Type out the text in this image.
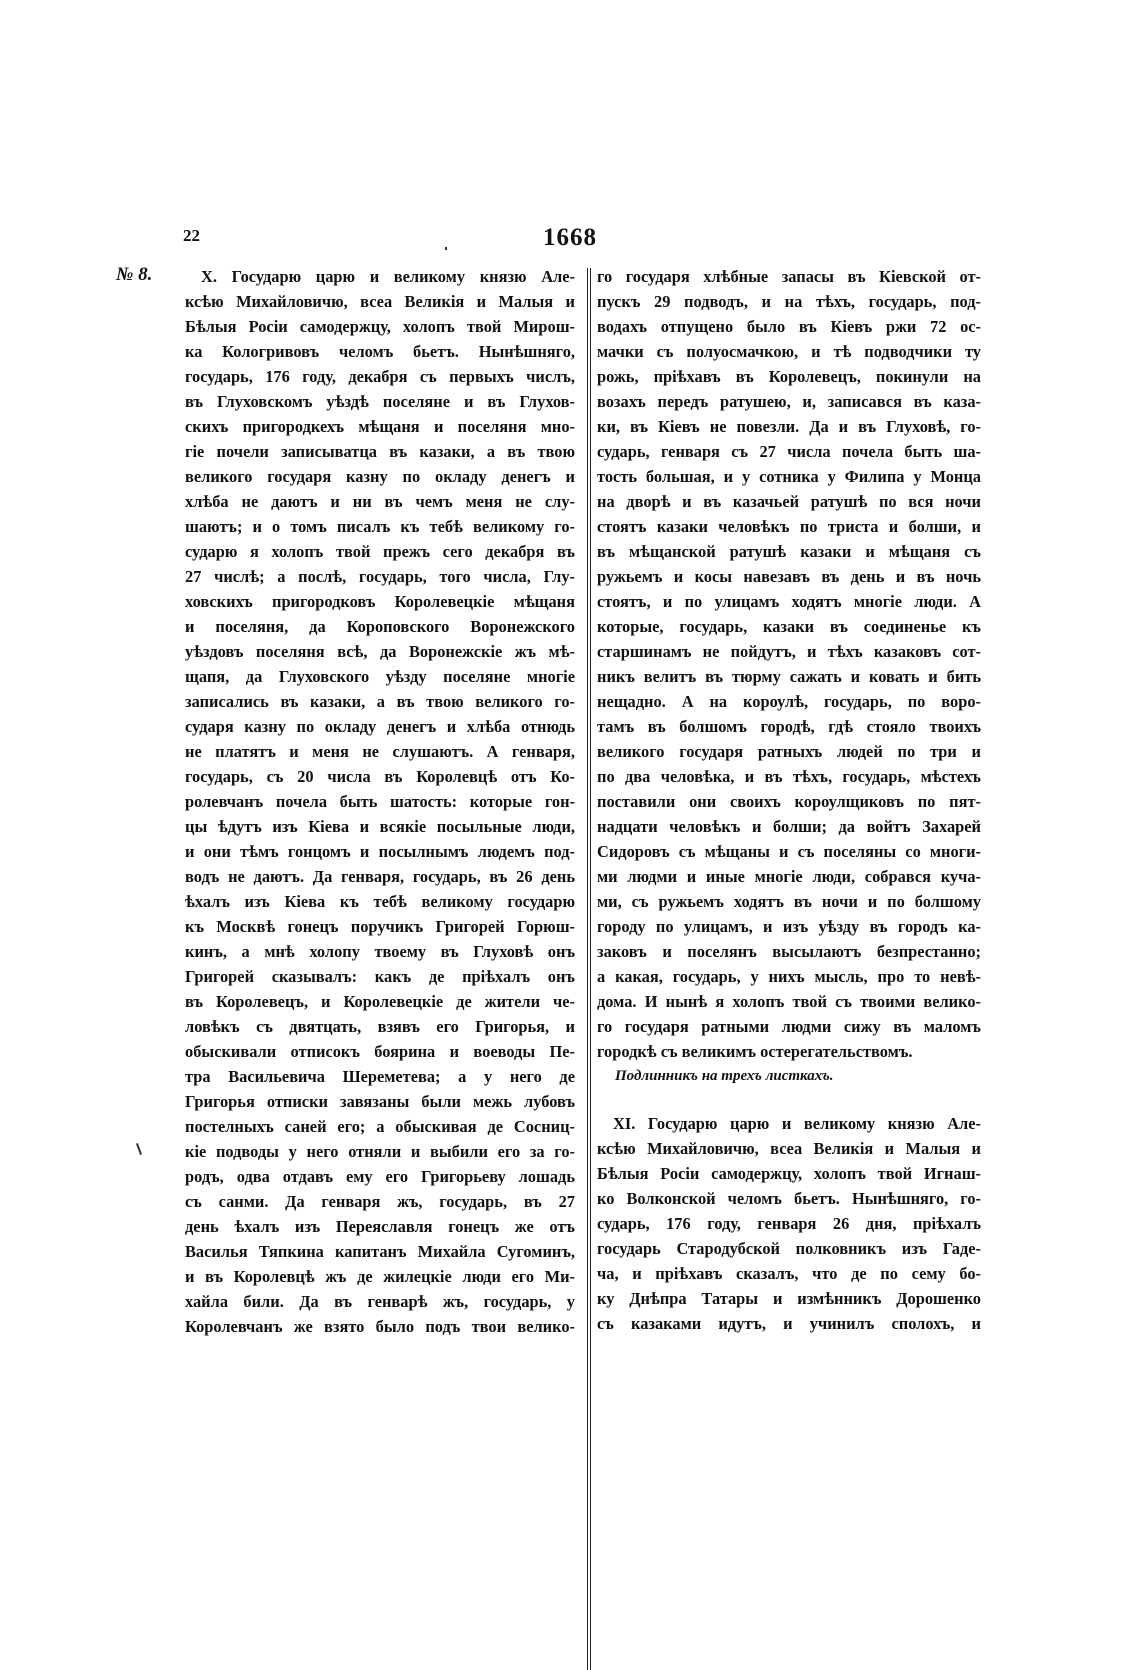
22	1668
№ 8.	X. Государю царю и великому князю Але-
ксѣю Михайловичю, всеа Великія и Малыя и
Бѣлыя Росіи самодержцу, холопъ твой Мирош-
ка Кологривовъ челомъ бьетъ. Нынѣшняго,
государь, 176 году, декабря съ первыхъ числъ,
въ Глуховскомъ уѣздѣ поселяне и въ Глухов-
скихъ пригородкехъ мѣщаня и поселяня мно-
гіе почели записыватца въ казаки, а въ твою
великого государя казну по окладу денегъ и
хлѣба не даютъ и ни въ чемъ меня не слу-
шаютъ; и о томъ писалъ къ тебѣ великому го-
сударю я холопъ твой прежъ сего декабря въ
27 числѣ; а послѣ, государь, того числа, Глу-
ховскихъ пригородковъ Королевецкіе мѣщаня
и поселяня, да Короповского Воронежского
уѣздовъ поселяня всѣ, да Воронежскіе жъ мѣ-
щапя, да Глуховского уѣзду поселяне многіе
записались въ казаки, а въ твою великого го-
сударя казну по окладу денегъ и хлѣба отнюдь
не платятъ и меня не слушаютъ. А генваря,
государь, съ 20 числа въ Королевцѣ отъ Ко-
ролевчанъ почела быть шатость: которые гон-
цы ѣдутъ изъ Кіева и всякіе посыльные люди,
и они тѣмъ гонцомъ и посылнымъ людемъ под-
водъ не даютъ. Да генваря, государь, въ 26 день
ѣхалъ изъ Кіева къ тебѣ великому государю
къ Москвѣ гонецъ поручикъ Григорей Горюш-
кинъ, а мнѣ холопу твоему въ Глуховѣ онъ
Григорей сказывалъ: какъ де пріѣхалъ онъ
въ Королевецъ, и Королевецкіе де жители че-
ловѣкъ съ двятцать, взявъ его Григорья, и
обыскивали отписокъ боярина и воеводы Пе-
тра Васильевича Шереметева; а у него де
Григорья отписки завязаны были межь лубовъ
постелныхъ саней его; а обыскивая де Сосниц-
кіе подводы у него отняли и выбили его за го-
родъ, одва отдавъ ему его Григорьеву лошадь
съ санми. Да генваря жъ, государь, въ 27
день ѣхалъ изъ Переяславля гонецъ же отъ
Василья Тяпкина капитанъ Михайла Сугоминъ,
и въ Королевцѣ жъ де жилецкіе люди его Ми-
хайла били. Да въ генварѣ жъ, государь, у
Королевчанъ же взято было подъ твои велико-
го государя хлѣбные запасы въ Кіевской от-
пускъ 29 подводъ, и на тѣхъ, государь, под-
водахъ отпущено было въ Кіевъ ржи 72 ос-
мачки съ полуосмачкою, и тѣ подводчики ту
рожь, пріѣхавъ въ Королевецъ, покинули на
возахъ передъ ратушею, и, записався въ каза-
ки, въ Кіевъ не повезли. Да и въ Глуховѣ, го-
сударь, генваря съ 27 числа почела быть ша-
тость большая, и у сотника у Филипа у Монца
на дворѣ и въ казачьей ратушѣ по вся ночи
стоятъ казаки человѣкъ по триста и болши, и
въ мѣщанской ратушѣ казаки и мѣщаня съ
ружьемъ и косы навезавъ въ день и въ ночь
стоятъ, и по улицамъ ходятъ многіе люди. А
которые, государь, казаки въ соединенье къ
старшинамъ не пойдутъ, и тѣхъ казаковъ сот-
никъ велитъ въ тюрму сажать и ковать и бить
нещадно. А на короулѣ, государь, по воро-
тамъ въ болшомъ городѣ, гдѣ стояло твоихъ
великого государя ратныхъ людей по три и
по два человѣка, и въ тѣхъ, государь, мѣстехъ
поставили они своихъ короулщиковъ по пят-
надцати человѣкъ и болши; да войтъ Захарей
Сидоровъ съ мѣщаны и съ поселяны со многи-
ми людми и иные многіе люди, собрався куча-
ми, съ ружьемъ ходятъ въ ночи и по болшому
городу по улицамъ, и изъ уѣзду въ городъ ка-
заковъ и поселянъ высылаютъ безпрестанно;
а какая, государь, у нихъ мысль, про то невѣ-
дома. И нынѣ я холопъ твой съ твоими велико-
го государя ратными людми сижу въ маломъ
городкѣ съ великимъ остерегательствомъ.
Подлинникъ на трехъ листкахъ.
XI. Государю царю и великому князю Але-
ксѣю Михайловичю, всеа Великія и Малыя и
Бѣлыя Росіи самодержцу, холопъ твой Игнаш-
ко Волконской челомъ бьетъ. Нынѣшняго, го-
сударь, 176 году, генваря 26 дня, пріѣхалъ
государь Стародубской полковникъ изъ Гаде-
ча, и пріѣхавъ сказалъ, что де по сему бо-
ку Днѣпра Татары и измѣнникъ Дорошенко
съ казаками идутъ, и учинилъ сполохъ, и
